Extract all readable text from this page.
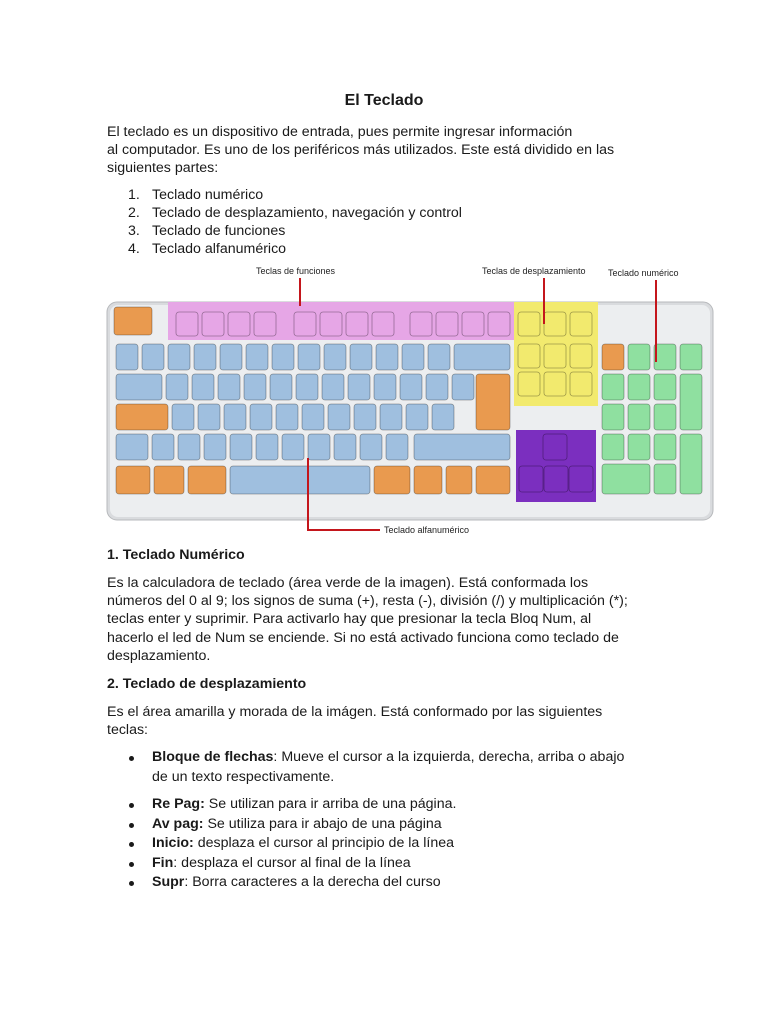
El Teclado

El teclado es un dispositivo de entrada, pues permite ingresar información
al computador. Es uno de los periféricos más utilizados. Este está dividido en las
siguientes partes:

1. Teclado numérico
2. Teclado de desplazamiento, navegación y control
3. Teclado de funciones
4. Teclado alfanumérico
Teclas de funciones	Teclas de desplazamiento Teclado numérico
Teclado alfanumérico
1. Teclado Numérico

Es la calculadora de teclado (área verde de la imagen). Está conformada los
números del 0 al 9; los signos de suma (+), resta (-), división (/) y multiplicación (*);
teclas enter y suprimir. Para activarlo hay que presionar la tecla Bloq Num, al
hacerlo el led de Num se enciende. Si no está activado funciona como teclado de
desplazamiento.

2. Teclado de desplazamiento

Es el área amarilla y morada de la imágen. Está conformado por las siguientes
teclas:

Bloque de flechas: Mueve el cursor a la izquierda, derecha, arriba o abajo
de un texto respectivamente.
Re Pag: Se utilizan para ir arriba de una página.
Av pag: Se utiliza para ir abajo de una página
Inicio: desplaza el cursor al principio de la línea
Fin: desplaza el cursor al final de la línea
Supr: Borra caracteres a la derecha del curso
